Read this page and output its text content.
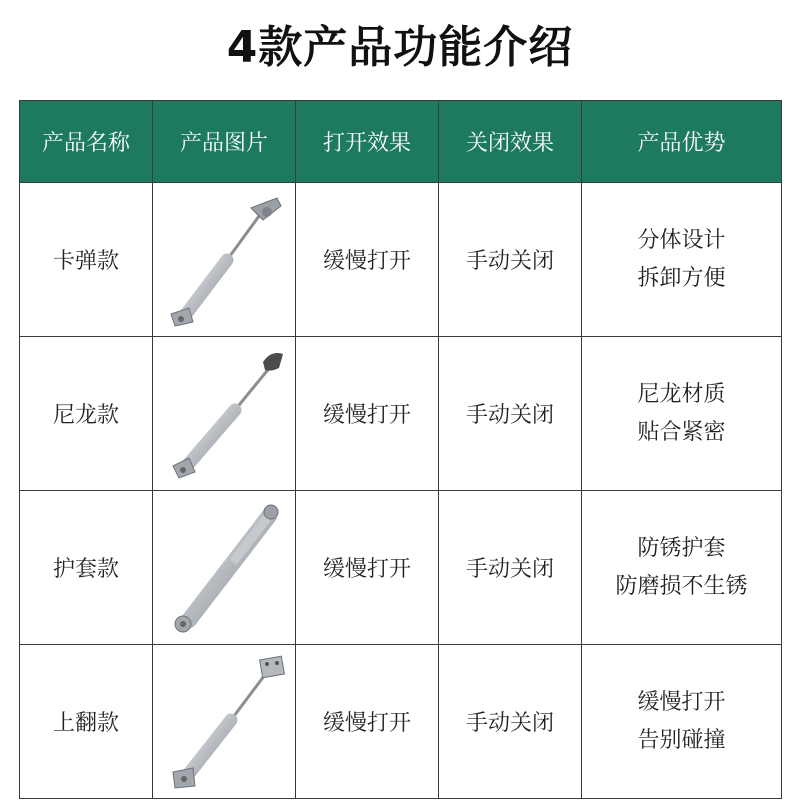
4款产品功能介绍
产品名称	产品图片	打开效果	关闭效果	产品优势
卡弹款		缓慢打开	手动关闭	分体设计
拆卸方便

尼龙款		缓慢打开	手动关闭	尼龙材质
贴合紧密

护套款		缓慢打开	手动关闭	防锈护套
防磨损不生锈

上翻款		缓慢打开	手动关闭	缓慢打开
告别碰撞
